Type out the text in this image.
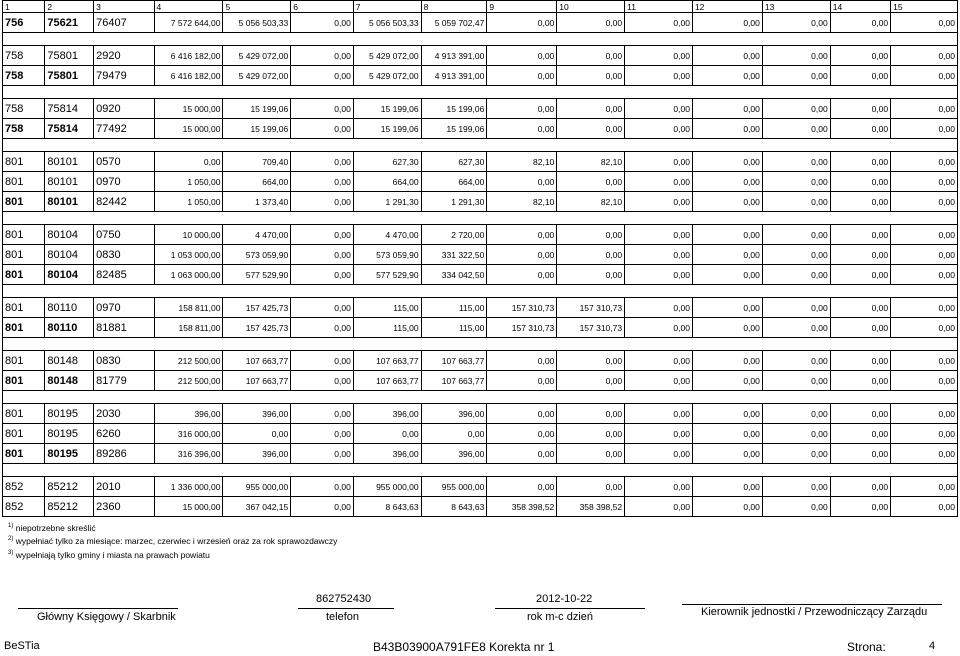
1	2	3	4	5	6	7	8	9	10	11	12	13	14	15
756	75621	76407	7 572 644,00	5 056 503,33	0,00	5 056 503,33	5 059 702,47	0,00	0,00	0,00	0,00	0,00	0,00	0,00

758	75801	2920	6 416 182,00	5 429 072,00	0,00	5 429 072,00	4 913 391,00	0,00	0,00	0,00	0,00	0,00	0,00	0,00
758	75801	79479	6 416 182,00	5 429 072,00	0,00	5 429 072,00	4 913 391,00	0,00	0,00	0,00	0,00	0,00	0,00	0,00

758	75814	0920	15 000,00	15 199,06	0,00	15 199,06	15 199,06	0,00	0,00	0,00	0,00	0,00	0,00	0,00
758	75814	77492	15 000,00	15 199,06	0,00	15 199,06	15 199,06	0,00	0,00	0,00	0,00	0,00	0,00	0,00

801	80101	0570	0,00	709,40	0,00	627,30	627,30	82,10	82,10	0,00	0,00	0,00	0,00	0,00
801	80101	0970	1 050,00	664,00	0,00	664,00	664,00	0,00	0,00	0,00	0,00	0,00	0,00	0,00
801	80101	82442	1 050,00	1 373,40	0,00	1 291,30	1 291,30	82,10	82,10	0,00	0,00	0,00	0,00	0,00

801	80104	0750	10 000,00	4 470,00	0,00	4 470,00	2 720,00	0,00	0,00	0,00	0,00	0,00	0,00	0,00
801	80104	0830	1 053 000,00	573 059,90	0,00	573 059,90	331 322,50	0,00	0,00	0,00	0,00	0,00	0,00	0,00
801	80104	82485	1 063 000,00	577 529,90	0,00	577 529,90	334 042,50	0,00	0,00	0,00	0,00	0,00	0,00	0,00

801	80110	0970	158 811,00	157 425,73	0,00	115,00	115,00	157 310,73	157 310,73	0,00	0,00	0,00	0,00	0,00
801	80110	81881	158 811,00	157 425,73	0,00	115,00	115,00	157 310,73	157 310,73	0,00	0,00	0,00	0,00	0,00

801	80148	0830	212 500,00	107 663,77	0,00	107 663,77	107 663,77	0,00	0,00	0,00	0,00	0,00	0,00	0,00
801	80148	81779	212 500,00	107 663,77	0,00	107 663,77	107 663,77	0,00	0,00	0,00	0,00	0,00	0,00	0,00

801	80195	2030	396,00	396,00	0,00	396,00	396,00	0,00	0,00	0,00	0,00	0,00	0,00	0,00
801	80195	6260	316 000,00	0,00	0,00	0,00	0,00	0,00	0,00	0,00	0,00	0,00	0,00	0,00
801	80195	89286	316 396,00	396,00	0,00	396,00	396,00	0,00	0,00	0,00	0,00	0,00	0,00	0,00

852	85212	2010	1 336 000,00	955 000,00	0,00	955 000,00	955 000,00	0,00	0,00	0,00	0,00	0,00	0,00	0,00
852	85212	2360	15 000,00	367 042,15	0,00	8 643,63	8 643,63	358 398,52	358 398,52	0,00	0,00	0,00	0,00	0,00
$^{1)}$ niepotrzebne skreślić
$^{2)}$ wypełniać tylko za miesiące: marzec, czerwiec i wrzesień oraz za rok sprawozdawczy
$^{3)}$ wypełniają tylko gminy i miasta na prawach powiatu
Główny Księgowy / Skarbnik
862752430
telefon
2012-10-22
rok m-c dzień	Kierownik jednostki / Przewodniczący Zarządu
BeSTia	B43B03900A791FE8 Korekta nr 1	Strona:	4
